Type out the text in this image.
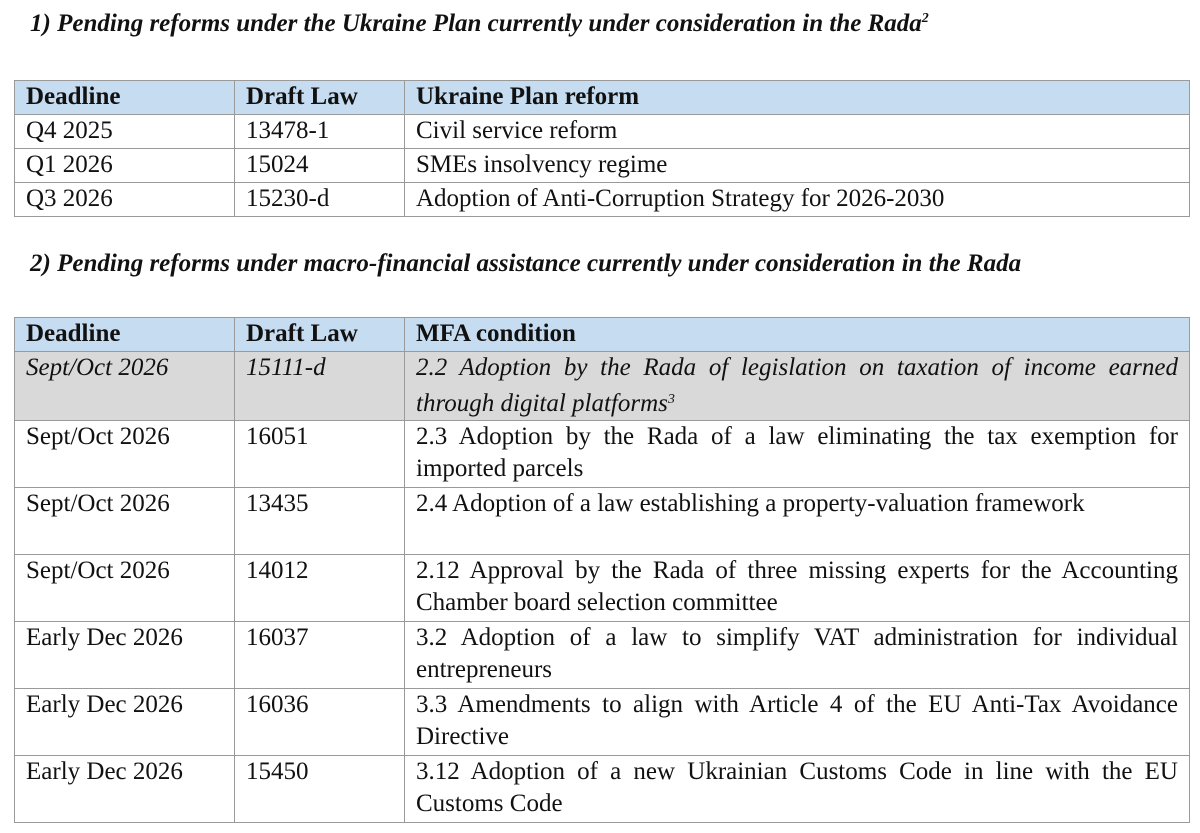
1) Pending reforms under the Ukraine Plan currently under consideration in the Rada$^2$
Deadline	Draft Law	Ukraine Plan reform
Q4 2025	13478-1	Civil service reform
Q1 2026	15024	SMEs insolvency regime
Q3 2026	15230-d	Adoption of Anti-Corruption Strategy for 2026-2030
2) Pending reforms under macro-financial assistance currently under consideration in the Rada
Deadline	Draft Law	MFA condition
Sept/Oct 2026	15111-d	2.2 Adoption by the Rada of legislation on taxation of income earned through digital platforms$^3$
Sept/Oct 2026	16051	2.3 Adoption by the Rada of a law eliminating the tax exemption for imported parcels
Sept/Oct 2026	13435	2.4 Adoption of a law establishing a property-valuation framework
Sept/Oct 2026	14012	2.12 Approval by the Rada of three missing experts for the Accounting Chamber board selection committee
Early Dec 2026	16037	3.2 Adoption of a law to simplify VAT administration for individual entrepreneurs
Early Dec 2026	16036	3.3 Amendments to align with Article 4 of the EU Anti-Tax Avoidance Directive
Early Dec 2026	15450	3.12 Adoption of a new Ukrainian Customs Code in line with the EU Customs Code
